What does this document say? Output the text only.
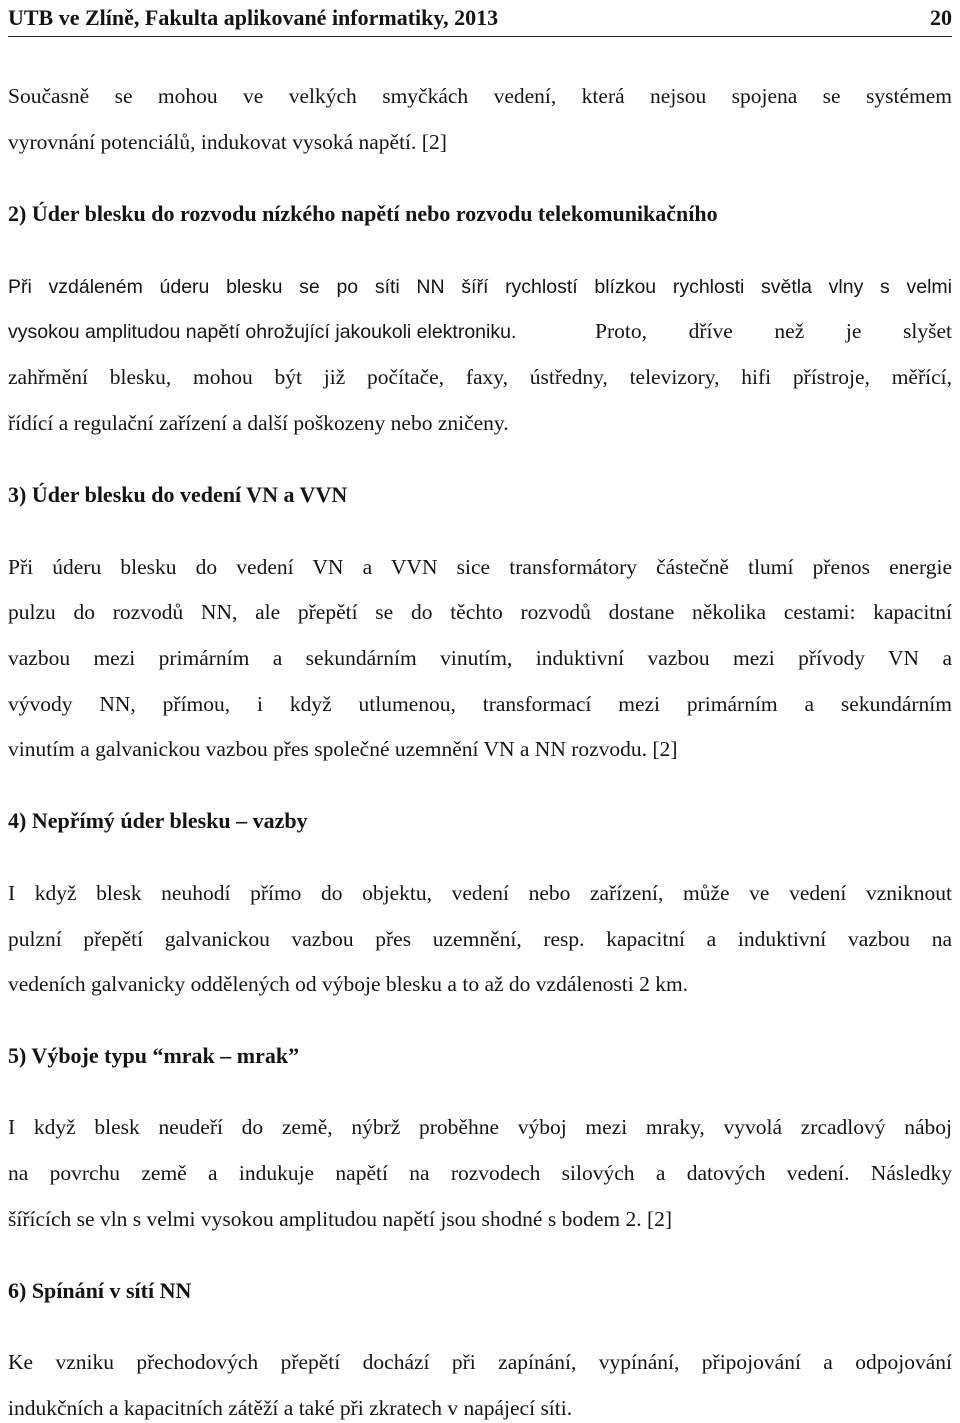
UTB ve Zlíně, Fakulta aplikované informatiky, 2013	20
Současně se mohou ve velkých smyčkách vedení, která nejsou spojena se systémem
vyrovnání potenciálů, indukovat vysoká napětí. [2]
2) Úder blesku do rozvodu nízkého napětí nebo rozvodu telekomunikačního
Při vzdáleném úderu blesku se po síti NN šíří rychlostí blízkou rychlosti světla vlny s velmi
vysokou amplitudou napětí ohrožující jakoukoli elektroniku.	Proto, dříve než je slyšet
zahřmění blesku, mohou být již počítače, faxy, ústředny, televizory, hifi přístroje, měřící,
řídící a regulační zařízení a další poškozeny nebo zničeny.
3) Úder blesku do vedení VN a VVN
Při úderu blesku do vedení VN a VVN sice transformátory částečně tlumí přenos energie
pulzu do rozvodů NN, ale přepětí se do těchto rozvodů dostane několika cestami: kapacitní
vazbou mezi primárním a sekundárním vinutím, induktivní vazbou mezi přívody VN a
vývody NN, přímou, i když utlumenou, transformací mezi primárním a sekundárním
vinutím a galvanickou vazbou přes společné uzemnění VN a NN rozvodu. [2]
4) Nepřímý úder blesku – vazby
I když blesk neuhodí přímo do objektu, vedení nebo zařízení, může ve vedení vzniknout
pulzní přepětí galvanickou vazbou přes uzemnění, resp. kapacitní a induktivní vazbou na
vedeních galvanicky oddělených od výboje blesku a to až do vzdálenosti 2 km.
5) Výboje typu “mrak – mrak”
I když blesk neudeří do země, nýbrž proběhne výboj mezi mraky, vyvolá zrcadlový náboj
na povrchu země a indukuje napětí na rozvodech silových a datových vedení. Následky
šířících se vln s velmi vysokou amplitudou napětí jsou shodné s bodem 2. [2]
6) Spínání v sítí NN
Ke vzniku přechodových přepětí dochází při zapínání, vypínání, připojování a odpojování
indukčních a kapacitních zátěží a také při zkratech v napájecí síti.
